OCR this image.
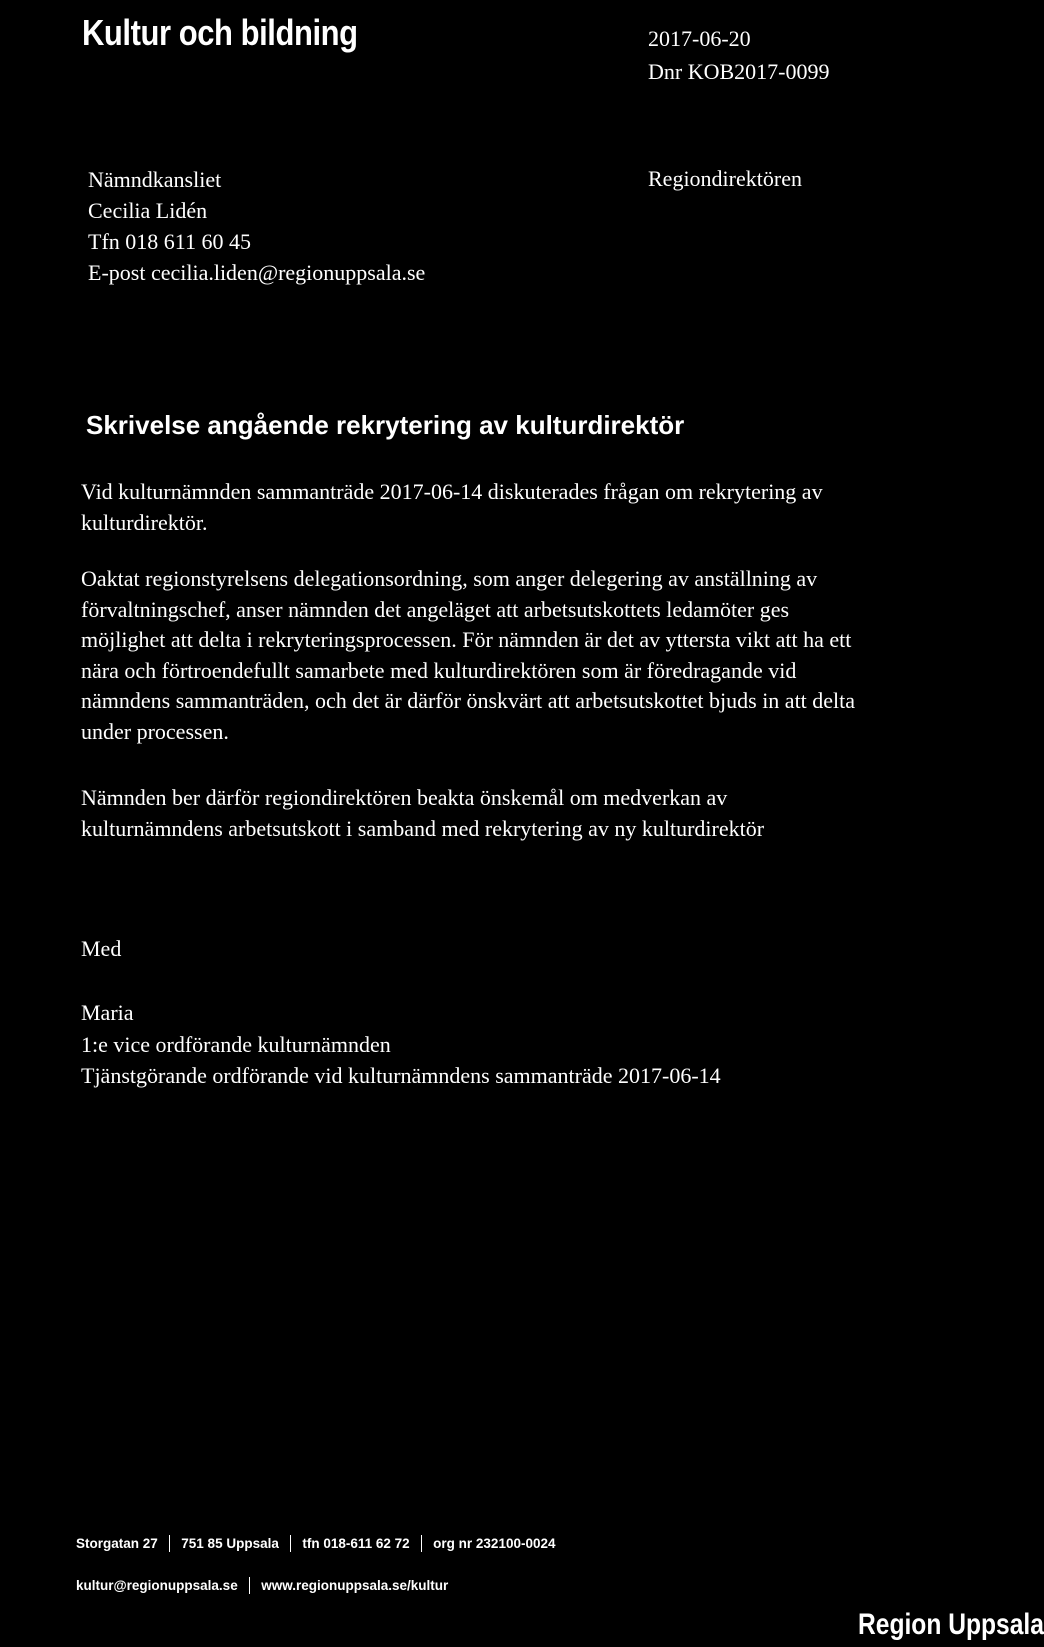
Kultur och bildning	2017-06-20
Dnr KOB2017-0099
Nämndkansliet
Cecilia Lidén
Tfn 018 611 60 45
E-post cecilia.liden@regionuppsala.se
Regiondirektören
Skrivelse angående rekrytering av kulturdirektör
Vid kulturnämnden sammanträde 2017-06-14 diskuterades frågan om rekrytering av
kulturdirektör.
Oaktat regionstyrelsens delegationsordning, som anger delegering av anställning av
förvaltningschef, anser nämnden det angeläget att arbetsutskottets ledamöter ges
möjlighet att delta i rekryteringsprocessen. För nämnden är det av yttersta vikt att ha ett
nära och förtroendefullt samarbete med kulturdirektören som är föredragande vid
nämndens sammanträden, och det är därför önskvärt att arbetsutskottet bjuds in att delta
under processen.
Nämnden ber därför regiondirektören beakta önskemål om medverkan av
kulturnämndens arbetsutskott i samband med rekrytering av ny kulturdirektör
Med
Maria
1:e vice ordförande kulturnämnden
Tjänstgörande ordförande vid kulturnämndens sammanträde 2017-06-14
Storgatan 27 751 85 Uppsala tfn 018-611 62 72 org nr 232100-0024
kultur@regionuppsala.se www.regionuppsala.se/kultur
Region Uppsala
